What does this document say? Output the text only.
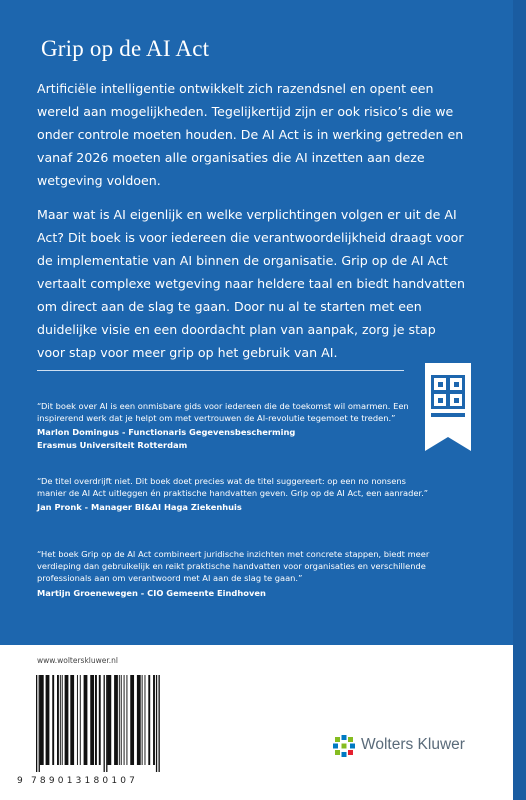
Grip op de AI Act

Artificiële intelligentie ontwikkelt zich razendsnel en opent een wereld aan mogelijkheden. Tegelijkertijd zijn er ook risico’s die we onder controle moeten houden. De AI Act is in werking getreden en vanaf 2026 moeten alle organisaties die AI inzetten aan deze wetgeving voldoen.

Maar wat is AI eigenlijk en welke verplichtingen volgen er uit de AI Act? Dit boek is voor iedereen die verantwoordelijkheid draagt voor de implementatie van AI binnen de organisatie. Grip op de AI Act vertaalt complexe wetgeving naar heldere taal en biedt handvatten om direct aan de slag te gaan. Door nu al te starten met een duidelijke visie en een doordacht plan van aanpak, zorg je stap voor stap voor meer grip op het gebruik van AI.

“Dit boek over AI is een onmisbare gids voor iedereen die de toekomst wil omarmen. Een inspirerend werk dat je helpt om met vertrouwen de AI-revolutie tegemoet te treden.”

Marlon Domingus - Functionaris Gegevensbescherming

Erasmus Universiteit Rotterdam

“De titel overdrijft niet. Dit boek doet precies wat de titel suggereert: op een no nonsens manier de AI Act uitleggen én praktische handvatten geven. Grip op de AI Act, een aanrader.”

Jan Pronk - Manager BI&AI Haga Ziekenhuis

“Het boek Grip op de AI Act combineert juridische inzichten met concrete stappen, biedt meer verdieping dan gebruikelijk en reikt praktische handvatten voor organisaties en verschillende professionals aan om verantwoord met AI aan de slag te gaan.”

Martijn Groenewegen - CIO Gemeente Eindhoven

www.wolterskluwer.nl
9 789013180107
Wolters Kluwer
